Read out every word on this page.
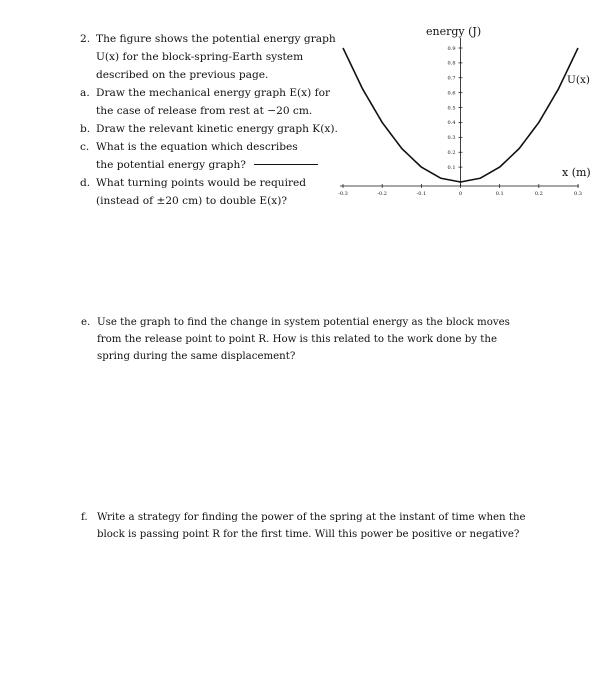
2. The figure shows the potential energy graph
U(x) for the block-spring-Earth system
described on the previous page.
a. Draw the mechanical energy graph E(x) for
the case of release from rest at −20 cm.
b. Draw the relevant kinetic energy graph K(x).
c. What is the equation which describes
the potential energy graph?
d. What turning points would be required
(instead of ±20 cm) to double E(x)?
energy (J)
x (m)
U(x)
-0.3	-0.2	-0.1	0	0.1	0.2	0.3
0.1
0.2
0.3
0.4
0.5
0.6
0.7
0.8
0.9
e. Use the graph to find the change in system potential energy as the block moves
from the release point to point R. How is this related to the work done by the
spring during the same displacement?
f. Write a strategy for finding the power of the spring at the instant of time when the
block is passing point R for the first time. Will this power be positive or negative?
